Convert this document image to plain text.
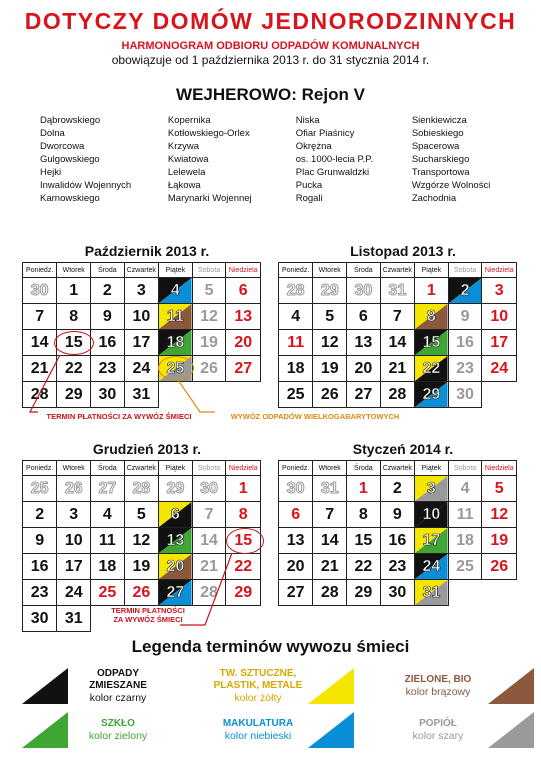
DOTYCZY DOMÓW JEDNORODZINNYCH
HARMONOGRAM ODBIORU ODPADÓW KOMUNALNYCH
obowiązuje od 1 października 2013 r. do 31 stycznia 2014 r.
WEJHEROWO: Rejon V
Dąbrowskiego
Dolna
Dworcowa
Gulgowskiego
Hejki
Inwalidów Wojennych
Karnowskiego
Kopernika
Kotłowskiego-Orlex
Krzywa
Kwiatowa
Lelewela
Łąkowa
Marynarki Wojennej
Niska
Ofiar Piaśnicy
Okrężna
os. 1000-lecia P.P.
Plac Grunwaldzki
Pucka
Rogali
Sienkiewicza
Sobieskiego
Spacerowa
Sucharskiego
Transportowa
Wzgórze Wolności
Zachodnia
Październik 2013 r.	Listopad 2013 r.
Grudzień 2013 r.	Styczeń 2014 r.
Poniedz.	Wtorek	Środa	Czwartek	Piątek	Sobota	Niedziela
30	1	2	3	4	5	6
7	8	9	10	11	12	13
14	15	16	17	18	19	20
21	22	23	24	25	26	27
28	29	30	31			
Poniedz.	Wtorek	Środa	Czwartek	Piątek	Sobota	Niedziela
28	29	30	31	1	2	3
4	5	6	7	8	9	10
11	12	13	14	15	16	17
18	19	20	21	22	23	24
25	26	27	28	29	30	
Poniedz.	Wtorek	Środa	Czwartek	Piątek	Sobota	Niedziela
25	26	27	28	29	30	1
2	3	4	5	6	7	8
9	10	11	12	13	14	15
16	17	18	19	20	21	22
23	24	25	26	27	28	29
30	31					
Poniedz.	Wtorek	Środa	Czwartek	Piątek	Sobota	Niedziela
30	31	1	2	3	4	5
6	7	8	9	10	11	12
13	14	15	16	17	18	19
20	21	22	23	24	25	26
27	28	29	30	31		
TERMIN PŁATNOŚCI ZA WYWÓZ ŚMIECI	WYWÓZ ODPADÓW WIELKOGABARYTOWYCH
TERMIN PŁATNOŚCI
ZA WYWÓZ ŚMIECI
Legenda terminów wywozu śmieci
ODPADY ZMIESZANE
kolor czarny
TW. SZTUCZNE, PLASTIK, METALE
kolor żółty
ZIELONE, BIO
kolor brązowy
SZKŁO
kolor zielony
MAKULATURA
kolor niebieski
POPIÓŁ
kolor szary
